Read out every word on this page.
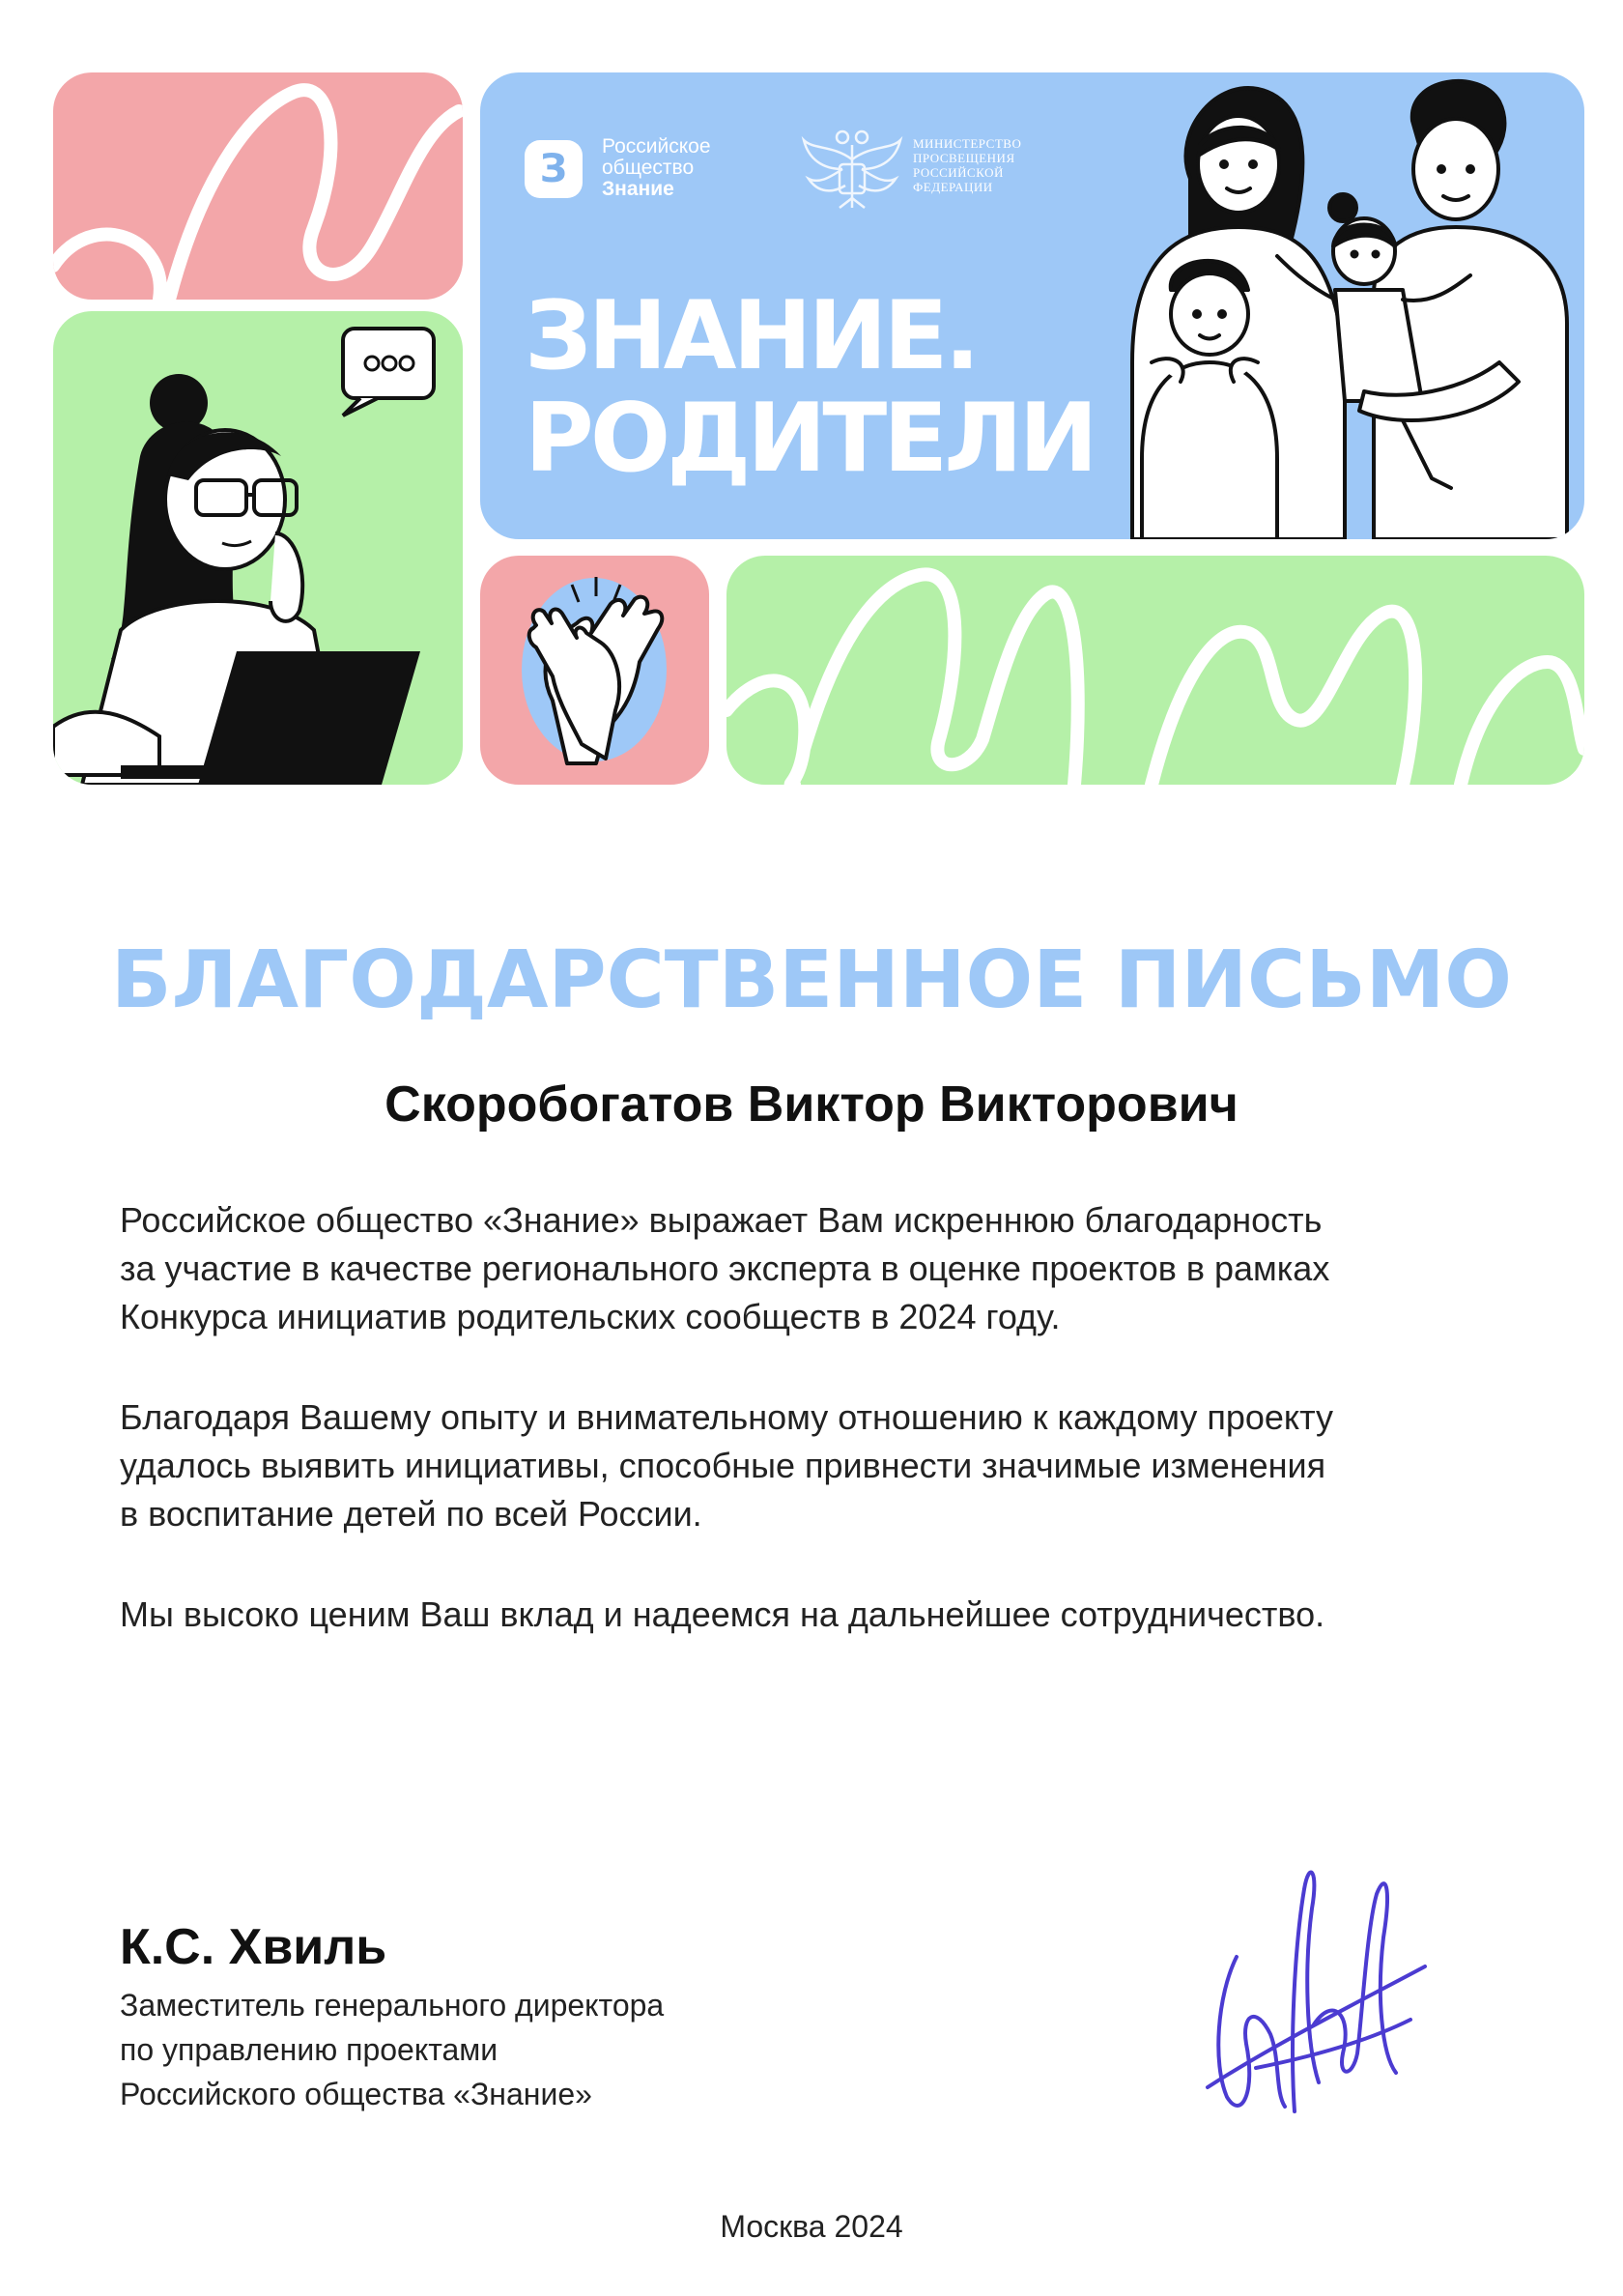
З
Российское
общество
Знание
МИНИСТЕРСТВО
ПРОСВЕЩЕНИЯ
РОССИЙСКОЙ
ФЕДЕРАЦИИ
ЗНАНИЕ.
РОДИТЕЛИ
БЛАГОДАРСТВЕННОЕ ПИСЬМО
Скоробогатов Виктор Викторович

Российское общество «Знание» выражает Вам искреннюю благодарность
за участие в качестве регионального эксперта в оценке проектов в рамках
Конкурса инициатив родительских сообществ в 2024 году.

Благодаря Вашему опыту и внимательному отношению к каждому проекту
удалось выявить инициативы, способные привнести значимые изменения
в воспитание детей по всей России.

Мы высоко ценим Ваш вклад и надеемся на дальнейшее сотрудничество.

К.С. Хвиль
Заместитель генерального директора
по управлению проектами
Российского общества «Знание»
Москва 2024
